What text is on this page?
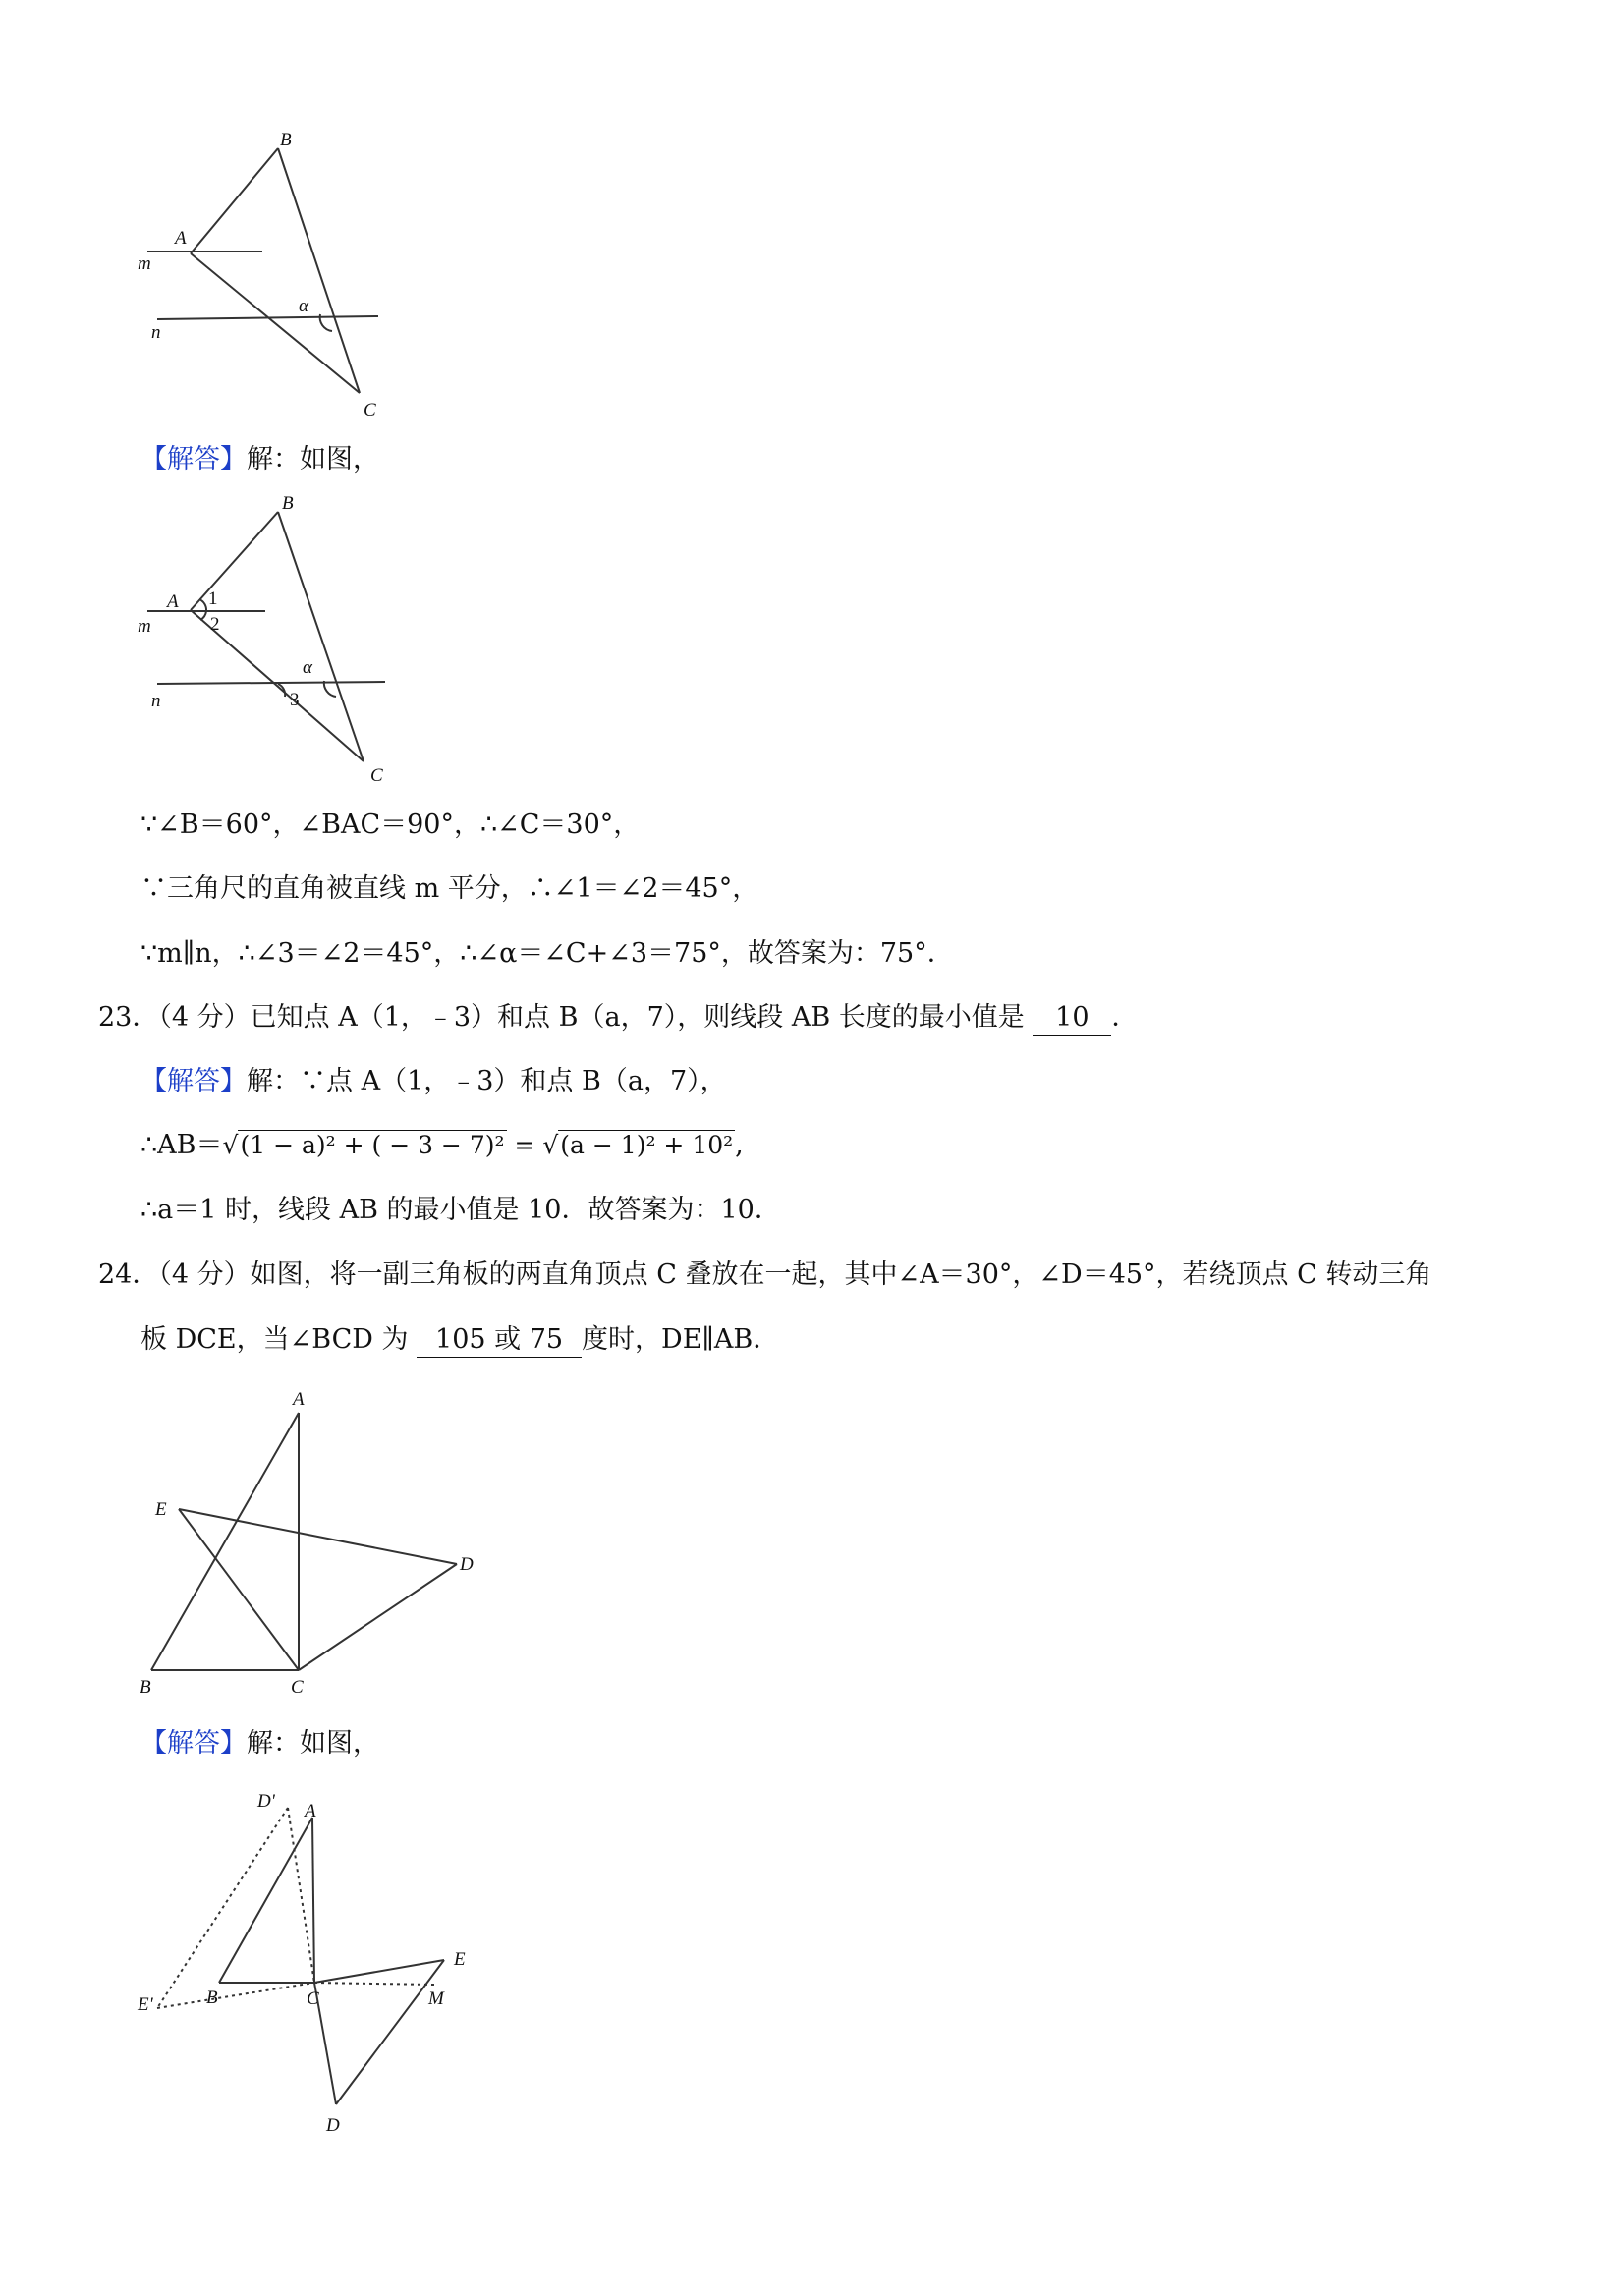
B
A
m
n
α
C
【解答】解：如图，
B
A 1
2
m
α
n	3
C
∵∠B＝60°，∠BAC＝90°，∴∠C＝30°，
∵三角尺的直角被直线 m 平分，∴∠1＝∠2＝45°，
∵m∥n，∴∠3＝∠2＝45°，∴∠α＝∠C+∠3＝75°，故答案为：75°．
23．（4 分）已知点 A（1，﹣3）和点 B（a，7），则线段 AB 长度的最小值是 10 ．
【解答】解：∵点 A（1，﹣3）和点 B（a，7），
∴AB＝√(1 − a)² + ( − 3 − 7)² = √(a − 1)² + 10²,
∴a＝1 时，线段 AB 的最小值是 10．故答案为：10．
24．（4 分）如图，将一副三角板的两直角顶点 C 叠放在一起，其中∠A＝30°，∠D＝45°，若绕顶点 C 转动三角
板 DCE，当∠BCD 为 105 或 75 度时，DE∥AB．
A
E
D
B	C
【解答】解：如图，
D' A
E
E'	B	C	M
D
